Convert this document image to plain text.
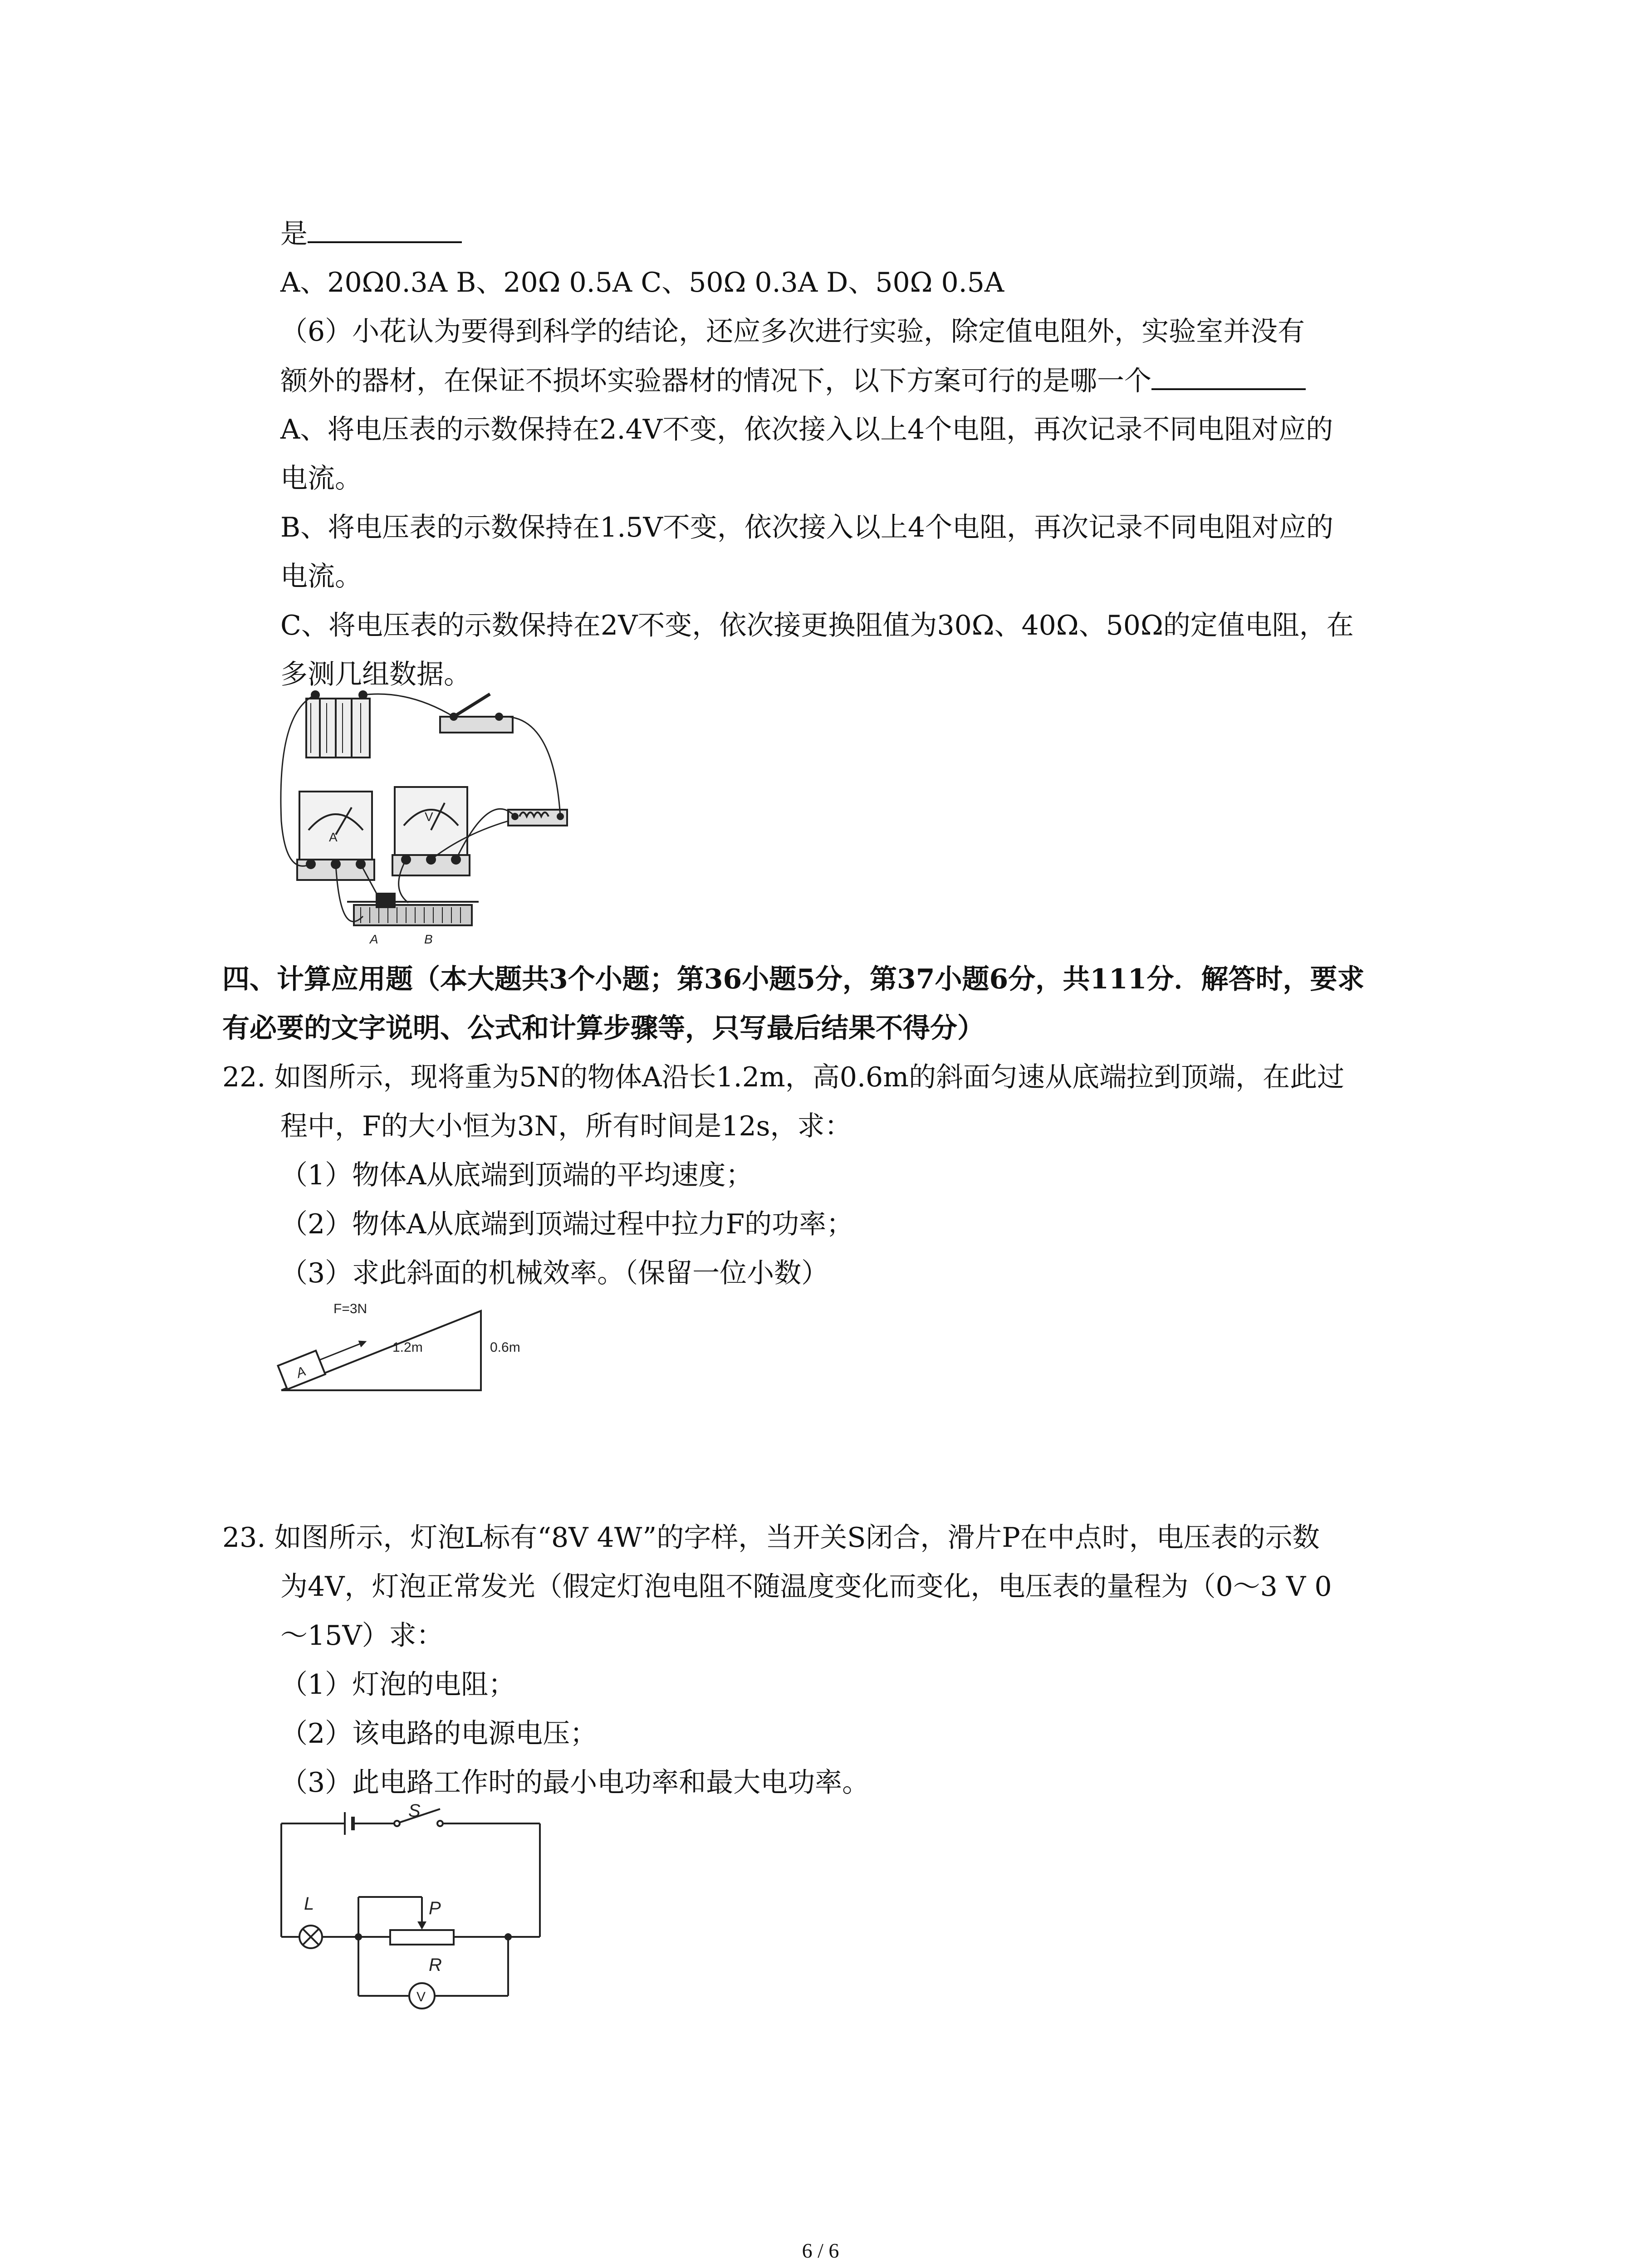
是
A、20Ω0.3A B、20Ω 0.5A C、50Ω 0.3A D、50Ω 0.5A
（6）小花认为要得到科学的结论，还应多次进行实验，除定值电阻外，实验室并没有
额外的器材，在保证不损坏实验器材的情况下，以下方案可行的是哪一个
A、将电压表的示数保持在2.4V不变，依次接入以上4个电阻，再次记录不同电阻对应的
电流。
B、将电压表的示数保持在1.5V不变，依次接入以上4个电阻，再次记录不同电阻对应的
电流。
C、将电压表的示数保持在2V不变，依次接更换阻值为30Ω、40Ω、50Ω的定值电阻，在
多测几组数据。
A
V
A	B
四、计算应用题（本大题共3个小题；第36小题5分，第37小题6分，共111分．解答时，要求
有必要的文字说明、公式和计算步骤等，只写最后结果不得分）
22. 如图所示，现将重为5N的物体A沿长1.2m，高0.6m的斜面匀速从底端拉到顶端，在此过
程中，F的大小恒为3N，所有时间是12s，求：
（1）物体A从底端到顶端的平均速度；
（2）物体A从底端到顶端过程中拉力F的功率；
（3）求此斜面的机械效率。（保留一位小数）
A
F=3N
1.2m	0.6m
23. 如图所示，灯泡L标有“8V 4W”的字样，当开关S闭合，滑片P在中点时，电压表的示数
为4V，灯泡正常发光（假定灯泡电阻不随温度变化而变化，电压表的量程为（0～3 V 0
～15V）求：
（1）灯泡的电阻；
（2）该电路的电源电压；
（3）此电路工作时的最小电功率和最大电功率。
S
L	P
R
V
6 / 6
